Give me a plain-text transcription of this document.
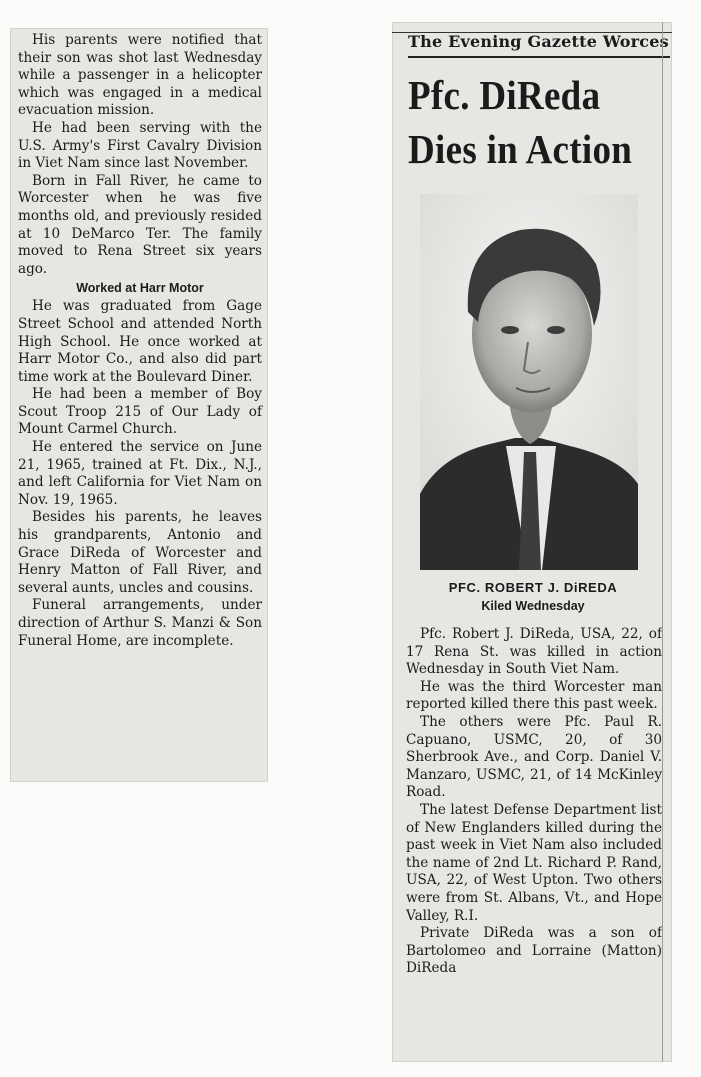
His parents were notified that their son was shot last Wednesday while a passenger in a helicopter which was engaged in a medical evacuation mission.

He had been serving with the U.S. Army's First Cavalry Division in Viet Nam since last November.

Born in Fall River, he came to Worcester when he was five months old, and previously resided at 10 DeMarco Ter. The family moved to Rena Street six years ago.

Worked at Harr Motor

He was graduated from Gage Street School and attended North High School. He once worked at Harr Motor Co., and also did part time work at the Boulevard Diner.

He had been a member of Boy Scout Troop 215 of Our Lady of Mount Carmel Church.

He entered the service on June 21, 1965, trained at Ft. Dix., N.J., and left California for Viet Nam on Nov. 19, 1965.

Besides his parents, he leaves his grandparents, Antonio and Grace DiReda of Worcester and Henry Matton of Fall River, and several aunts, uncles and cousins.

Funeral arrangements, under direction of Arthur S. Manzi & Son Funeral Home, are incomplete.

The Evening Gazette Worces
Pfc. DiReda Dies in Action
PFC. ROBERT J. DiREDA
Kiled Wednesday

Pfc. Robert J. DiReda, USA, 22, of 17 Rena St. was killed in action Wednesday in South Viet Nam.

He was the third Worcester man reported killed there this past week.

The others were Pfc. Paul R. Capuano, USMC, 20, of 30 Sherbrook Ave., and Corp. Daniel V. Manzaro, USMC, 21, of 14 McKinley Road.

The latest Defense Department list of New Englanders killed during the past week in Viet Nam also included the name of 2nd Lt. Richard P. Rand, USA, 22, of West Upton. Two others were from St. Albans, Vt., and Hope Valley, R.I.

Private DiReda was a son of Bartolomeo and Lorraine (Matton) DiReda
